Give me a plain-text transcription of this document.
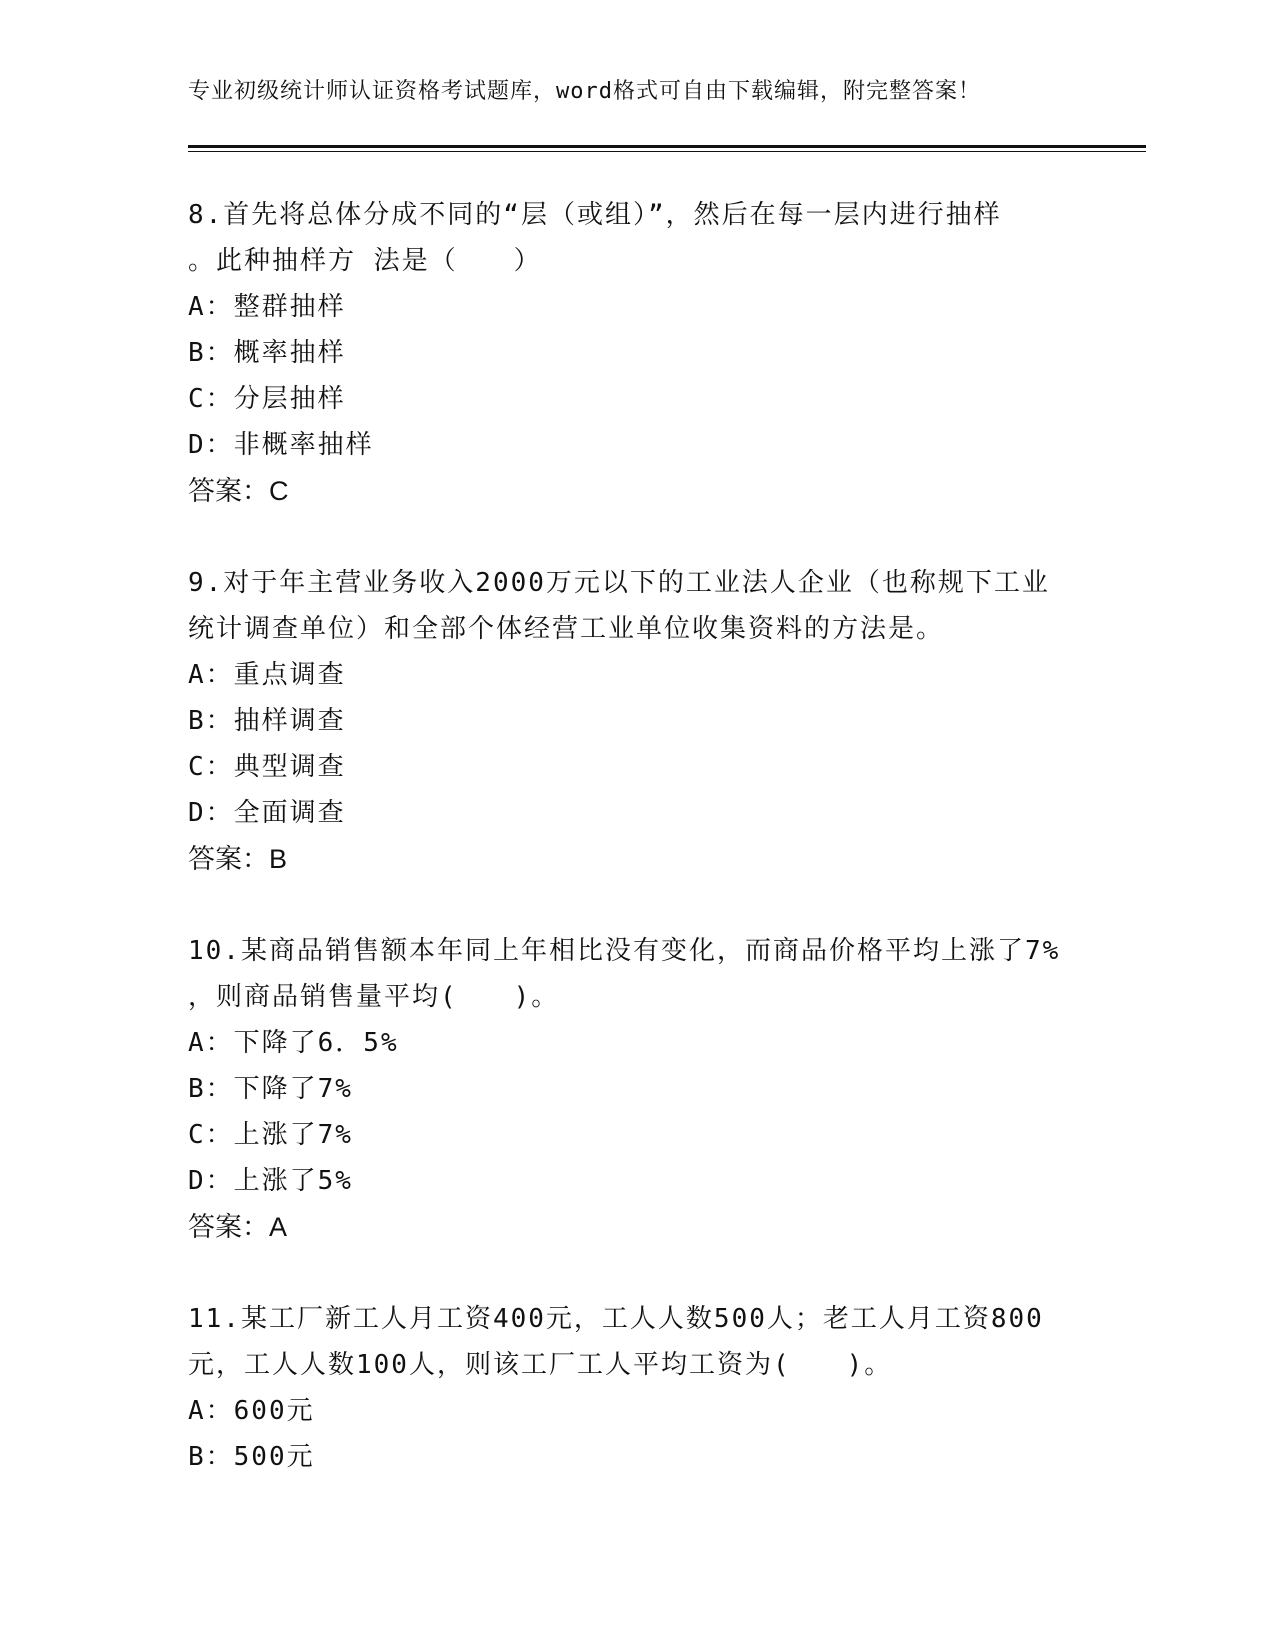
专业初级统计师认证资格考试题库，word格式可自由下载编辑，附完整答案！
8.首先将总体分成不同的“层（或组）”，然后在每一层内进行抽样
。此种抽样方 法是（　　）
A：整群抽样
B：概率抽样
C：分层抽样
D：非概率抽样
答案：C
9.对于年主营业务收入2000万元以下的工业法人企业（也称规下工业
统计调查单位）和全部个体经营工业单位收集资料的方法是。
A：重点调查
B：抽样调查
C：典型调查
D：全面调查
答案：B
10.某商品销售额本年同上年相比没有变化，而商品价格平均上涨了7%
，则商品销售量平均(　　)。
A：下降了6．5%
B：下降了7%
C：上涨了7%
D：上涨了5%
答案：A
11.某工厂新工人月工资400元，工人人数500人；老工人月工资800
元，工人人数100人，则该工厂工人平均工资为(　　)。
A：600元
B：500元
